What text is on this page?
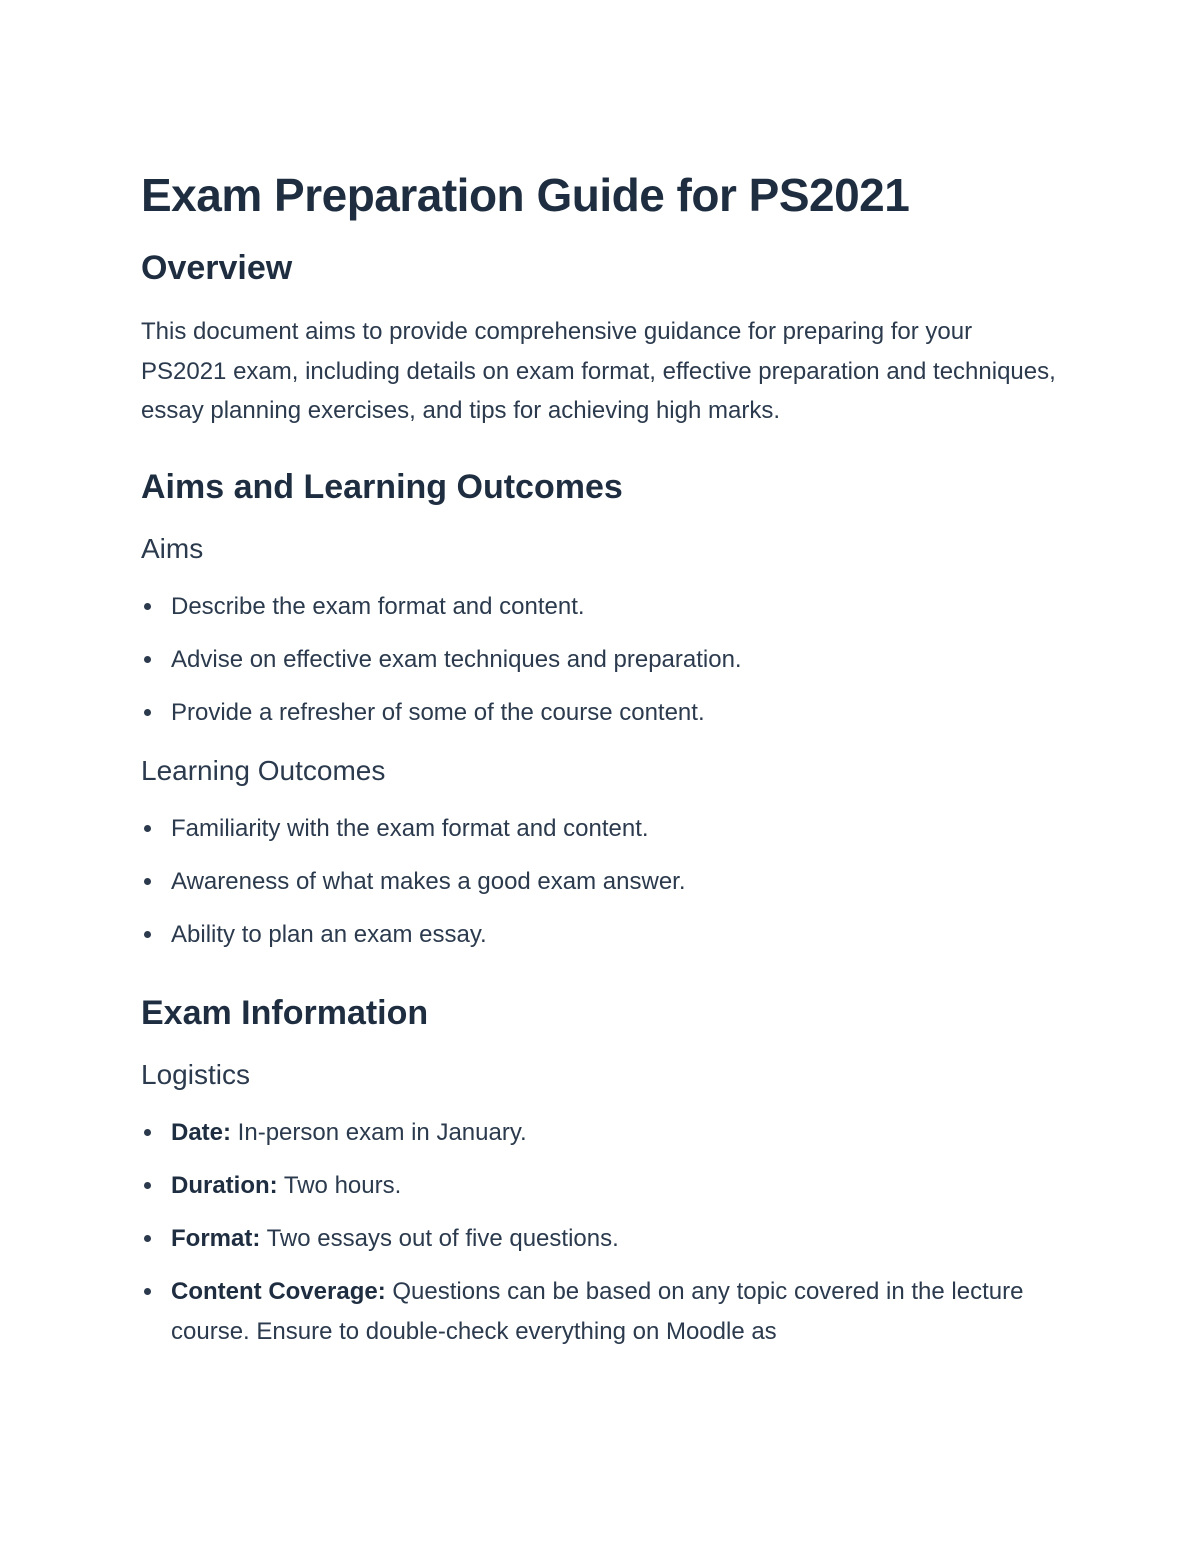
Exam Preparation Guide for PS2021
Overview

This document aims to provide comprehensive guidance for preparing for your PS2021 exam, including details on exam format, effective preparation and techniques, essay planning exercises, and tips for achieving high marks.

Aims and Learning Outcomes
Aims
Describe the exam format and content.
Advise on effective exam techniques and preparation.
Provide a refresher of some of the course content.
Learning Outcomes
Familiarity with the exam format and content.
Awareness of what makes a good exam answer.
Ability to plan an exam essay.
Exam Information
Logistics
Date: In-person exam in January.
Duration: Two hours.
Format: Two essays out of five questions.
Content Coverage: Questions can be based on any topic covered in the lecture course. Ensure to double-check everything on Moodle as
